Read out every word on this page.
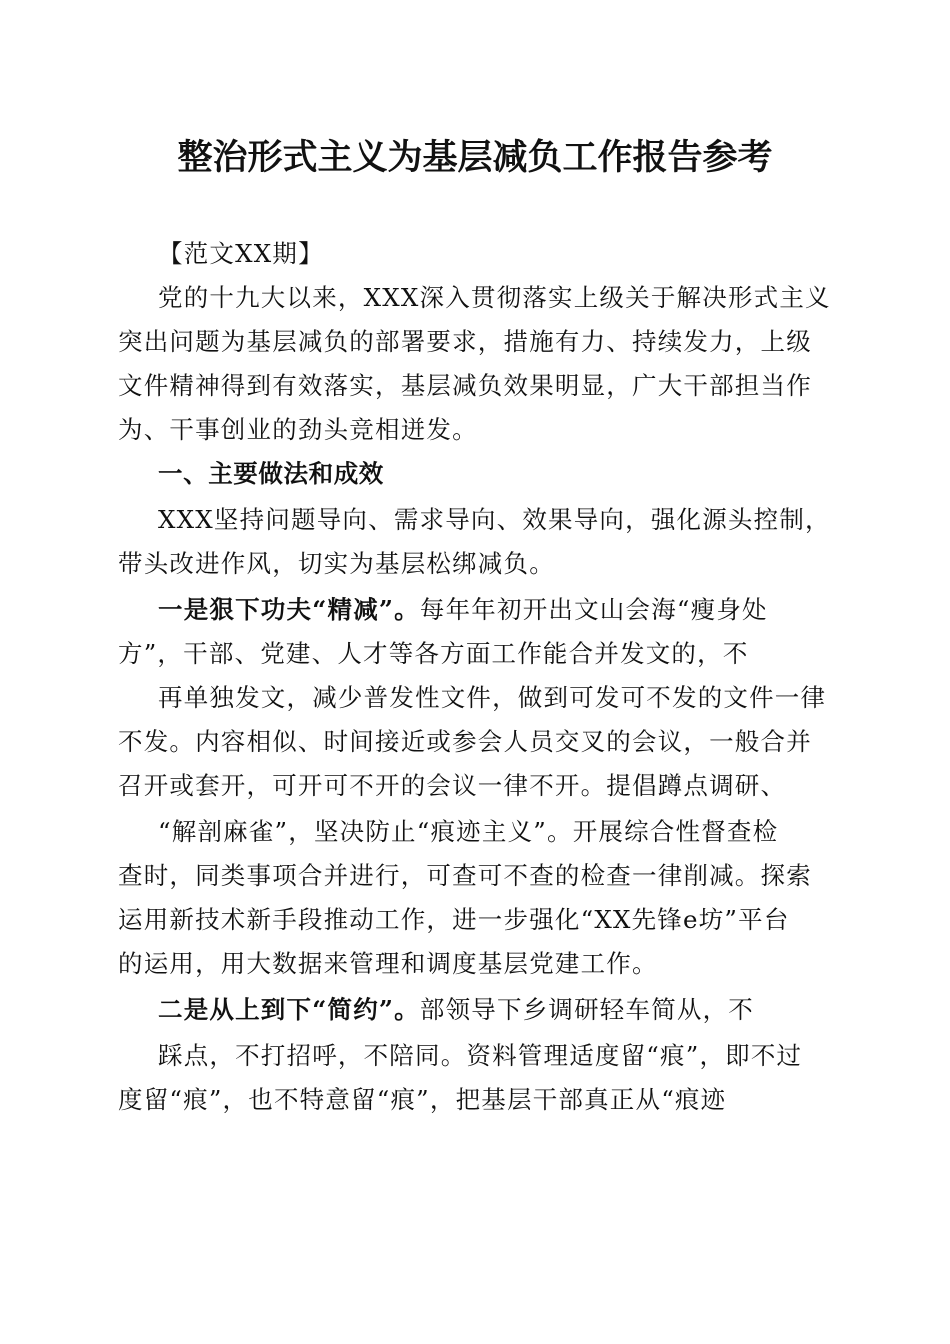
整治形式主义为基层减负工作报告参考
【范文XX期】
党的十九大以来，XXX深入贯彻落实上级关于解决形式主义
突出问题为基层减负的部署要求，措施有力、持续发力，上级
文件精神得到有效落实，基层减负效果明显，广大干部担当作
为、干事创业的劲头竞相迸发。
一、主要做法和成效
XXX坚持问题导向、需求导向、效果导向，强化源头控制，
带头改进作风，切实为基层松绑减负。
一是狠下功夫“精减”。每年年初开出文山会海“瘦身处
方”，干部、党建、人才等各方面工作能合并发文的，不
再单独发文，减少普发性文件，做到可发可不发的文件一律
不发。内容相似、时间接近或参会人员交叉的会议，一般合并
召开或套开，可开可不开的会议一律不开。提倡蹲点调研、
“解剖麻雀”，坚决防止“痕迹主义”。开展综合性督查检
查时，同类事项合并进行，可查可不查的检查一律削减。探索
运用新技术新手段推动工作，进一步强化“XX先锋e坊”平台
的运用，用大数据来管理和调度基层党建工作。
二是从上到下“简约”。部领导下乡调研轻车简从，不
踩点，不打招呼，不陪同。资料管理适度留“痕”，即不过
度留“痕”，也不特意留“痕”，把基层干部真正从“痕迹
